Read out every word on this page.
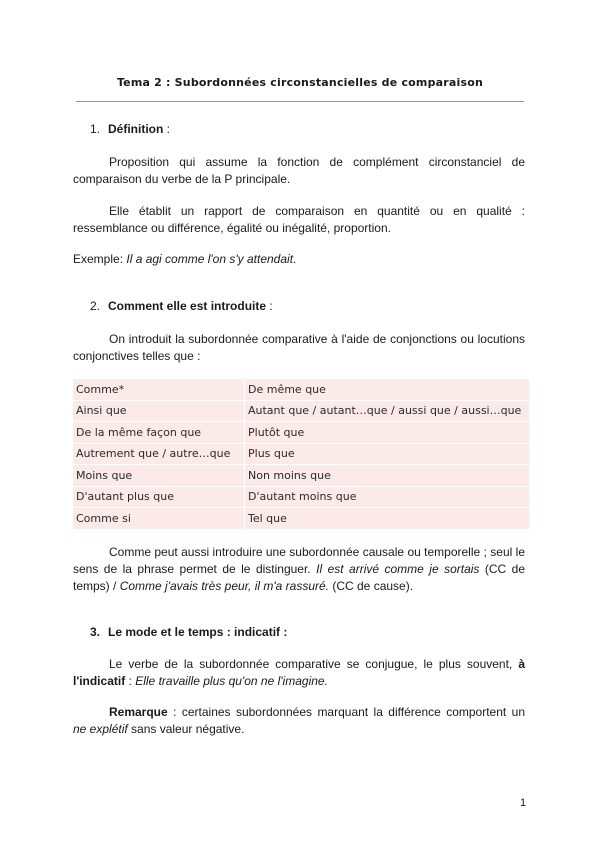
Tema 2 : Subordonnées circonstancielles de comparaison
1. Définition :
Proposition qui assume la fonction de complément circonstanciel de comparaison du verbe de la P principale.
Elle établit un rapport de comparaison en quantité ou en qualité : ressemblance ou différence, égalité ou inégalité, proportion.
Exemple: Il a agi comme l'on s'y attendait.
2. Comment elle est introduite :
On introduit la subordonnée comparative à l'aide de conjonctions ou locutions conjonctives telles que :
Comme*	De même que
Ainsi que	Autant que / autant…que / aussi que / aussi…que
De la même façon que	Plutôt que
Autrement que / autre…que	Plus que
Moins que	Non moins que
D'autant plus que	D'autant moins que
Comme si	Tel que
Comme peut aussi introduire une subordonnée causale ou temporelle ; seul le sens de la phrase permet de le distinguer. Il est arrivé comme je sortais (CC de temps) / Comme j'avais très peur, il m'a rassuré. (CC de cause).
3. Le mode et le temps : indicatif :
Le verbe de la subordonnée comparative se conjugue, le plus souvent, à l'indicatif : Elle travaille plus qu'on ne l'imagine.
Remarque : certaines subordonnées marquant la différence comportent un ne explétif sans valeur négative.
1
